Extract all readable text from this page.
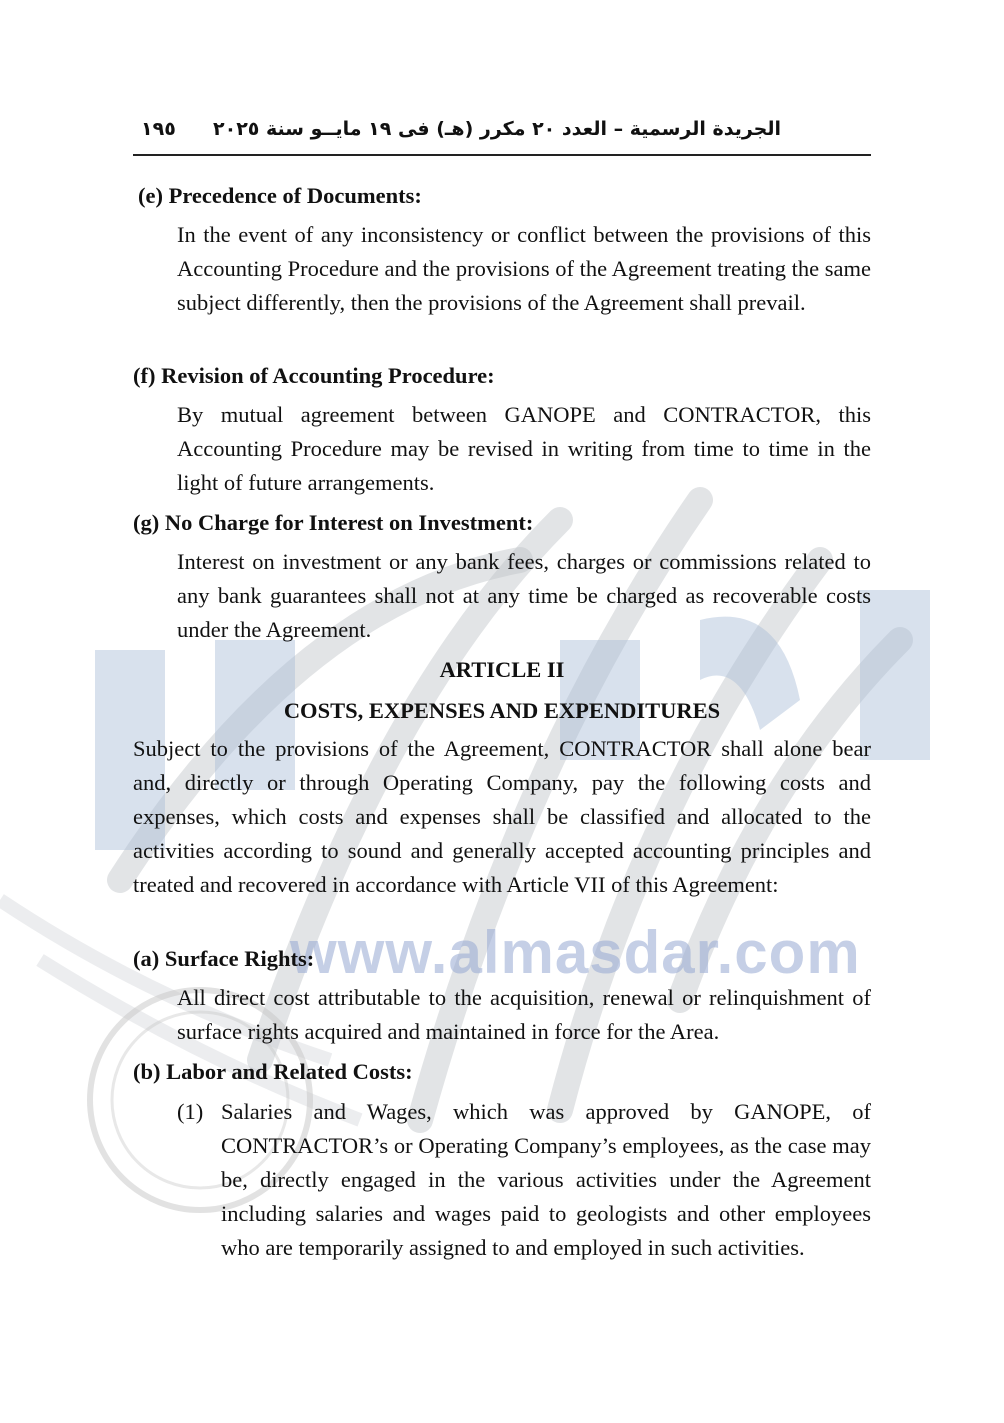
www.almasdar.com
الجريدة الرسمية – العدد ٢٠ مكرر (هـ) فى ١٩ مايــو سنة ٢٠٢٥
١٩٥
(e) Precedence of Documents:
In the event of any inconsistency or conflict between the provisions of this Accounting Procedure and the provisions of the Agreement treating the same subject differently, then the provisions of the Agreement shall prevail.
(f) Revision of Accounting Procedure:
By mutual agreement between GANOPE and CONTRACTOR, this Accounting Procedure may be revised in writing from time to time in the light of future arrangements.
(g) No Charge for Interest on Investment:
Interest on investment or any bank fees, charges or commissions related to any bank guarantees shall not at any time be charged as recoverable costs under the Agreement.
ARTICLE II
COSTS, EXPENSES AND EXPENDITURES
Subject to the provisions of the Agreement, CONTRACTOR shall alone bear and, directly or through Operating Company, pay the following costs and expenses, which costs and expenses shall be classified and allocated to the activities according to sound and generally accepted accounting principles and treated and recovered in accordance with Article VII of this Agreement:
(a) Surface Rights:
All direct cost attributable to the acquisition, renewal or relinquishment of surface rights acquired and maintained in force for the Area.
(b) Labor and Related Costs:
(1) Salaries and Wages, which was approved by GANOPE, of CONTRACTOR’s or Operating Company’s employees, as the case may be, directly engaged in the various activities under the Agreement including salaries and wages paid to geologists and other employees who are temporarily assigned to and employed in such activities.
